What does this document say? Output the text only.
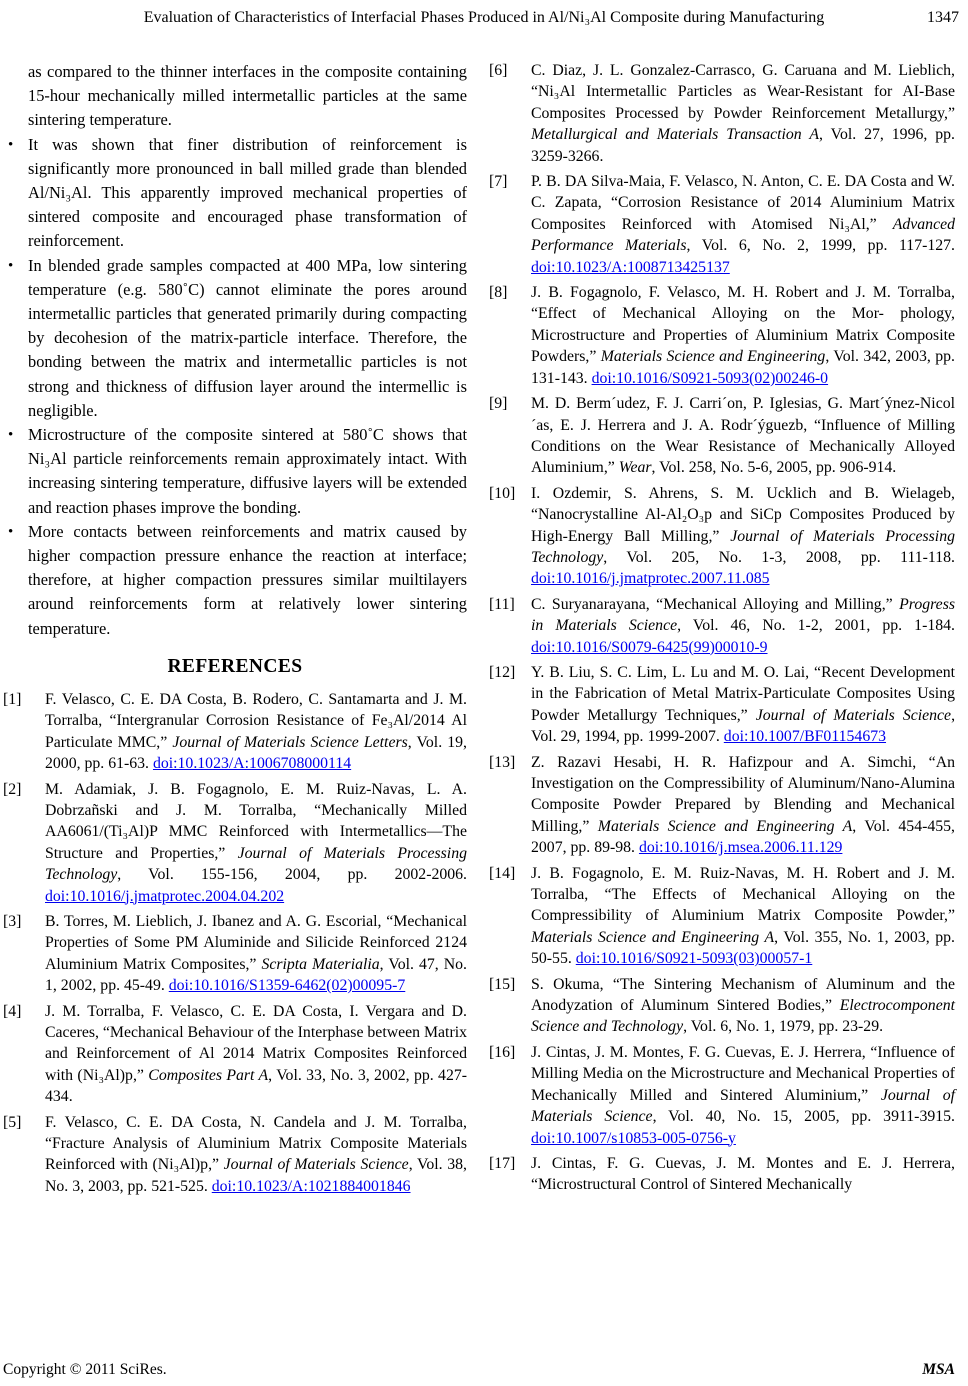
Evaluation of Characteristics of Interfacial Phases Produced in Al/Ni₃Al Composite during Manufacturing	1347

as compared to the thinner interfaces in the composite containing 15-hour mechanically milled intermetallic particles at the same sintering temperature.

• It was shown that finer distribution of reinforcement is significantly more pronounced in ball milled grade than blended Al/Ni₃Al. This apparently improved mechanical properties of sintered composite and encouraged phase transformation of reinforcement.
• In blended grade samples compacted at 400 MPa, low sintering temperature (e.g. 580˚C) cannot eliminate the pores around intermetallic particles that generated primarily during compacting by decohesion of the matrix-particle interface. Therefore, the bonding between the matrix and intermetallic particles is not strong and thickness of diffusion layer around the intermellic is negligible.
• Microstructure of the composite sintered at 580˚C shows that Ni₃Al particle reinforcements remain approximately intact. With increasing sintering temperature, diffusive layers will be extended and reaction phases improve the bonding.
• More contacts between reinforcements and matrix caused by higher compaction pressure enhance the reaction at interface; therefore, at higher compaction pressures similar muiltilayers around reinforcements form at relatively lower sintering temperature.
REFERENCES
[1] F. Velasco, C. E. DA Costa, B. Rodero, C. Santamarta and J. M. Torralba, “Intergranular Corrosion Resistance of Fe₃Al/2014 Al Particulate MMC,” Journal of Materials Science Letters, Vol. 19, 2000, pp. 61-63. doi:10.1023/A:1006708000114
[2] M. Adamiak, J. B. Fogagnolo, E. M. Ruiz-Navas, L. A. Dobrzañski and J. M. Torralba, “Mechanically Milled AA6061/(Ti₃Al)P MMC Reinforced with Intermetallics—The Structure and Properties,” Journal of Materials Processing Technology, Vol. 155-156, 2004, pp. 2002-2006. doi:10.1016/j.jmatprotec.2004.04.202
[3] B. Torres, M. Lieblich, J. Ibanez and A. G. Escorial, “Mechanical Properties of Some PM Aluminide and Silicide Reinforced 2124 Aluminium Matrix Composites,” Scripta Materialia, Vol. 47, No. 1, 2002, pp. 45-49. doi:10.1016/S1359-6462(02)00095-7
[4] J. M. Torralba, F. Velasco, C. E. DA Costa, I. Vergara and D. Caceres, “Mechanical Behaviour of the Interphase between Matrix and Reinforcement of Al 2014 Matrix Composites Reinforced with (Ni₃Al)p,” Composites Part A, Vol. 33, No. 3, 2002, pp. 427-434.
[5] F. Velasco, C. E. DA Costa, N. Candela and J. M. Torralba, “Fracture Analysis of Aluminium Matrix Composite Materials Reinforced with (Ni₃Al)p,” Journal of Materials Science, Vol. 38, No. 3, 2003, pp. 521-525. doi:10.1023/A:1021884001846
[6] C. Diaz, J. L. Gonzalez-Carrasco, G. Caruana and M. Lieblich, “Ni₃Al Intermetallic Particles as Wear-Resistant for AI-Base Composites Processed by Powder Reinforcement Metallurgy,” Metallurgical and Materials Transaction A, Vol. 27, 1996, pp. 3259-3266.
[7] P. B. DA Silva-Maia, F. Velasco, N. Anton, C. E. DA Costa and W. C. Zapata, “Corrosion Resistance of 2014 Aluminium Matrix Composites Reinforced with Atomised Ni₃Al,” Advanced Performance Materials, Vol. 6, No. 2, 1999, pp. 117-127. doi:10.1023/A:1008713425137
[8] J. B. Fogagnolo, F. Velasco, M. H. Robert and J. M. Torralba, “Effect of Mechanical Alloying on the Mor- phology, Microstructure and Properties of Aluminium Matrix Composite Powders,” Materials Science and Engineering, Vol. 342, 2003, pp. 131-143. doi:10.1016/S0921-5093(02)00246-0
[9] M. D. Berm´udez, F. J. Carri´on, P. Iglesias, G. Mart´ýnez-Nicol´as, E. J. Herrera and J. A. Rodr´ýguezb, “Influence of Milling Conditions on the Wear Resistance of Mechanically Alloyed Aluminium,” Wear, Vol. 258, No. 5-6, 2005, pp. 906-914.
[10] I. Ozdemir, S. Ahrens, S. M. Ucklich and B. Wielageb, “Nanocrystalline Al-Al₂O₃p and SiCp Composites Produced by High-Energy Ball Milling,” Journal of Materials Processing Technology, Vol. 205, No. 1-3, 2008, pp. 111-118. doi:10.1016/j.jmatprotec.2007.11.085
[11] C. Suryanarayana, “Mechanical Alloying and Milling,” Progress in Materials Science, Vol. 46, No. 1-2, 2001, pp. 1-184. doi:10.1016/S0079-6425(99)00010-9
[12] Y. B. Liu, S. C. Lim, L. Lu and M. O. Lai, “Recent Development in the Fabrication of Metal Matrix-Particulate Composites Using Powder Metallurgy Techniques,” Journal of Materials Science, Vol. 29, 1994, pp. 1999-2007. doi:10.1007/BF01154673
[13] Z. Razavi Hesabi, H. R. Hafizpour and A. Simchi, “An Investigation on the Compressibility of Aluminum/Nano-Alumina Composite Powder Prepared by Blending and Mechanical Milling,” Materials Science and Engineering A, Vol. 454-455, 2007, pp. 89-98. doi:10.1016/j.msea.2006.11.129
[14] J. B. Fogagnolo, E. M. Ruiz-Navas, M. H. Robert and J. M. Torralba, “The Effects of Mechanical Alloying on the Compressibility of Aluminium Matrix Composite Powder,” Materials Science and Engineering A, Vol. 355, No. 1, 2003, pp. 50-55. doi:10.1016/S0921-5093(03)00057-1
[15] S. Okuma, “The Sintering Mechanism of Aluminum and the Anodyzation of Aluminum Sintered Bodies,” Electrocomponent Science and Technology, Vol. 6, No. 1, 1979, pp. 23-29.
[16] J. Cintas, J. M. Montes, F. G. Cuevas, E. J. Herrera, “Influence of Milling Media on the Microstructure and Mechanical Properties of Mechanically Milled and Sintered Aluminium,” Journal of Materials Science, Vol. 40, No. 15, 2005, pp. 3911-3915. doi:10.1007/s10853-005-0756-y
[17] J. Cintas, F. G. Cuevas, J. M. Montes and E. J. Herrera, “Microstructural Control of Sintered Mechanically
Copyright © 2011 SciRes.	MSA
